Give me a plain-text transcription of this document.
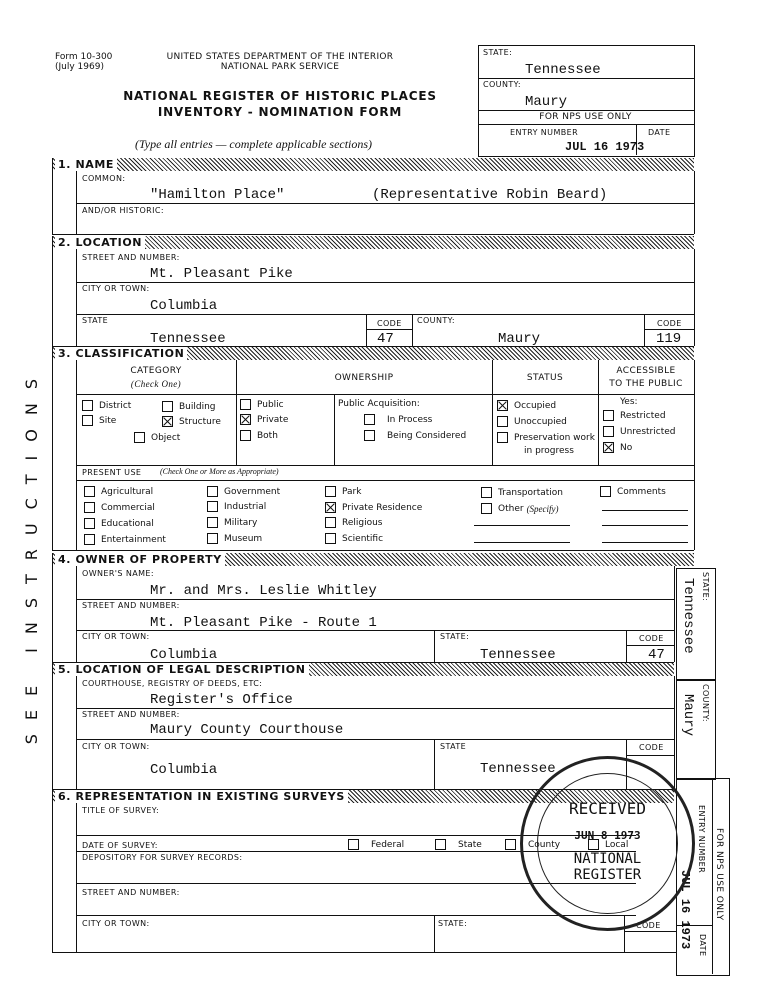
Form 10-300
(July 1969)
UNITED STATES DEPARTMENT OF THE INTERIOR
NATIONAL PARK SERVICE
NATIONAL REGISTER OF HISTORIC PLACES
INVENTORY - NOMINATION FORM
(Type all entries — complete applicable sections)
STATE:
Tennessee
COUNTY:
Maury
FOR NPS USE ONLY
ENTRY NUMBER	DATE
JUL 16 1973
SEE INSTRUCTIONS
1. NAME
COMMON:
"Hamilton Place"	(Representative Robin Beard)
AND/OR HISTORIC:
2. LOCATION
STREET AND NUMBER:
Mt. Pleasant Pike
CITY OR TOWN:
Columbia
STATE
Tennessee
CODE
47
COUNTY:
Maury
CODE
119
3. CLASSIFICATION
CATEGORY
(Check One)
OWNERSHIP	STATUS
ACCESSIBLE
TO THE PUBLIC
District	Building
Site	Structure
Object
Public
Private
Both
Public Acquisition:
In Process
Being Considered
Occupied
Unoccupied
Preservation work
in progress
Yes:
Restricted
Unrestricted
No
PRESENT USE (Check One or More as Appropriate)
Agricultural
Commercial
Educational
Entertainment
Government
Industrial
Military
Museum
Park
Private Residence
Religious
Scientific
Transportation
Other (Specify)
Comments
4. OWNER OF PROPERTY
OWNER'S NAME:
Mr. and Mrs. Leslie Whitley
STREET AND NUMBER:
Mt. Pleasant Pike - Route 1
CITY OR TOWN:
Columbia
STATE:
Tennessee
CODE
47
5. LOCATION OF LEGAL DESCRIPTION
COURTHOUSE, REGISTRY OF DEEDS, ETC:
Register's Office
STREET AND NUMBER:
Maury County Courthouse
CITY OR TOWN:
Columbia
STATE
Tennessee
CODE
6. REPRESENTATION IN EXISTING SURVEYS
TITLE OF SURVEY:
DATE OF SURVEY:	Federal	State	County	Local
DEPOSITORY FOR SURVEY RECORDS:
STREET AND NUMBER:
CITY OR TOWN:	STATE:	CODE
STATE:
Tennessee
COUNTY:
Maury
FOR NPS USE ONLY
ENTRY NUMBER
DATE
JUL 16 1973
RECEIVED
JUN 8 1973
NATIONAL
REGISTER
